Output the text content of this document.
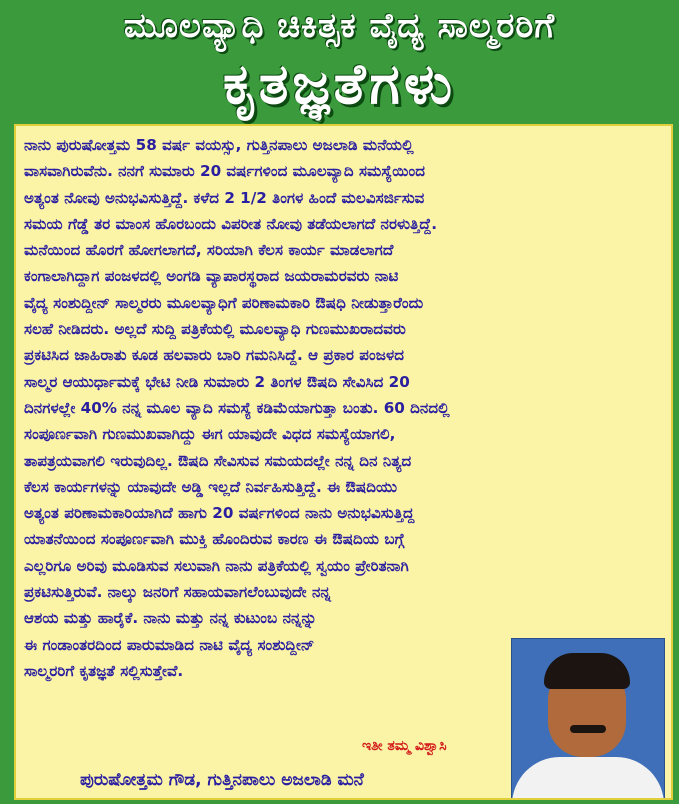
ಮೂಲವ್ಯಾಧಿ ಚಿಕಿತ್ಸಕ ವೈದ್ಯ ಸಾಲ್ಮರರಿಗೆ
ಕೃತಜ್ಞತೆಗಳು
ನಾನು ಪುರುಷೋತ್ತಮ 58 ವರ್ಷ ವಯಸ್ಸು, ಗುತ್ತಿನಪಾಲು ಅಜಲಾಡಿ ಮನೆಯಲ್ಲಿ
ವಾಸವಾಗಿರುವೆನು. ನನಗೆ ಸುಮಾರು 20 ವರ್ಷಗಳಿಂದ ಮೂಲವ್ಯಾದಿ ಸಮಸ್ಯೆಯಿಂದ
ಅತ್ಯಂತ ನೋವು ಅನುಭವಿಸುತ್ತಿದ್ದೆ. ಕಳೆದ 2 1/2 ತಿಂಗಳ ಹಿಂದೆ ಮಲವಿಸರ್ಜಿಸುವ
ಸಮಯ ಗೆಡ್ಡೆ ತರ ಮಾಂಸ ಹೊರಬಂದು ವಿಪರೀತ ನೋವು ತಡೆಯಲಾಗದೆ ನರಳುತ್ತಿದ್ದೆ.
ಮನೆಯಿಂದ ಹೊರಗೆ ಹೋಗಲಾಗದೆ, ಸರಿಯಾಗಿ ಕೆಲಸ ಕಾರ್ಯ ಮಾಡಲಾಗದೆ
ಕಂಗಾಲಾಗಿದ್ದಾಗ ಪಂಜಳದಲ್ಲಿ ಅಂಗಡಿ ವ್ಯಾಪಾರಸ್ಥರಾದ ಜಯರಾಮರವರು ನಾಟಿ
ವೈದ್ಯ ಸಂಶುದ್ದೀನ್ ಸಾಲ್ಮರರು ಮೂಲವ್ಯಾಧಿಗೆ ಪರಿಣಾಮಕಾರಿ ಔಷಧಿ ನೀಡುತ್ತಾರೆಂದು
ಸಲಹೆ ನೀಡಿದರು. ಅಲ್ಲದೆ ಸುದ್ದಿ ಪತ್ರಿಕೆಯಲ್ಲಿ ಮೂಲವ್ಯಾಧಿ ಗುಣಮುಖರಾದವರು
ಪ್ರಕಟಿಸಿದ ಜಾಹಿರಾತು ಕೂಡ ಹಲವಾರು ಬಾರಿ ಗಮನಿಸಿದ್ದೆ. ಆ ಪ್ರಕಾರ ಪಂಜಳದ
ಸಾಲ್ಮರ ಆಯುರ್ಧಾಮಕ್ಕೆ ಭೇಟಿ ನೀಡಿ ಸುಮಾರು 2 ತಿಂಗಳ ಔಷದಿ ಸೇವಿಸಿದ 20
ದಿನಗಳಲ್ಲೇ 40% ನನ್ನ ಮೂಲ ವ್ಯಾದಿ ಸಮಸ್ಯೆ ಕಡಿಮೆಯಾಗುತ್ತಾ ಬಂತು. 60 ದಿನದಲ್ಲಿ
ಸಂಪೂರ್ಣವಾಗಿ ಗುಣಮುಖವಾಗಿದ್ದು ಈಗ ಯಾವುದೇ ವಿಧದ ಸಮಸ್ಯೆಯಾಗಲಿ,
ತಾಪತ್ರಯವಾಗಲಿ ಇರುವುದಿಲ್ಲ. ಔಷದಿ ಸೇವಿಸುವ ಸಮಯದಲ್ಲೇ ನನ್ನ ದಿನ ನಿತ್ಯದ
ಕೆಲಸ ಕಾರ್ಯಗಳನ್ನು ಯಾವುದೇ ಅಡ್ಡಿ ಇಲ್ಲದೆ ನಿರ್ವಹಿಸುತ್ತಿದ್ದೆ. ಈ ಔಷದಿಯು
ಅತ್ಯಂತ ಪರಿಣಾಮಕಾರಿಯಾಗಿದೆ ಹಾಗು 20 ವರ್ಷಗಳಿಂದ ನಾನು ಅನುಭವಿಸುತ್ತಿದ್ದ
ಯಾತನೆಯಿಂದ ಸಂಪೂರ್ಣವಾಗಿ ಮುಕ್ತಿ ಹೊಂದಿರುವ ಕಾರಣ ಈ ಔಷದಿಯ ಬಗ್ಗೆ
ಎಲ್ಲರಿಗೂ ಅರಿವು ಮೂಡಿಸುವ ಸಲುವಾಗಿ ನಾನು ಪತ್ರಿಕೆಯಲ್ಲಿ ಸ್ವಯಂ ಪ್ರೇರಿತನಾಗಿ
ಪ್ರಕಟಿಸುತ್ತಿರುವೆ. ನಾಲ್ಕು ಜನರಿಗೆ ಸಹಾಯವಾಗಲೆಂಬುವುದೇ ನನ್ನ
ಆಶಯ ಮತ್ತು ಹಾರೈಕೆ. ನಾನು ಮತ್ತು ನನ್ನ ಕುಟುಂಬ ನನ್ನನ್ನು
ಈ ಗಂಡಾಂತರದಿಂದ ಪಾರುಮಾಡಿದ ನಾಟಿ ವೈದ್ಯ ಸಂಶುದ್ದೀನ್
ಸಾಲ್ಮರರಿಗೆ ಕೃತಜ್ಞತೆ ಸಲ್ಲಿಸುತ್ತೇವೆ.
ಇತೀ ತಮ್ಮ ವಿಶ್ವಾಸಿ
ಪುರುಷೋತ್ತಮ ಗೌಡ, ಗುತ್ತಿನಪಾಲು ಅಜಲಾಡಿ ಮನೆ
